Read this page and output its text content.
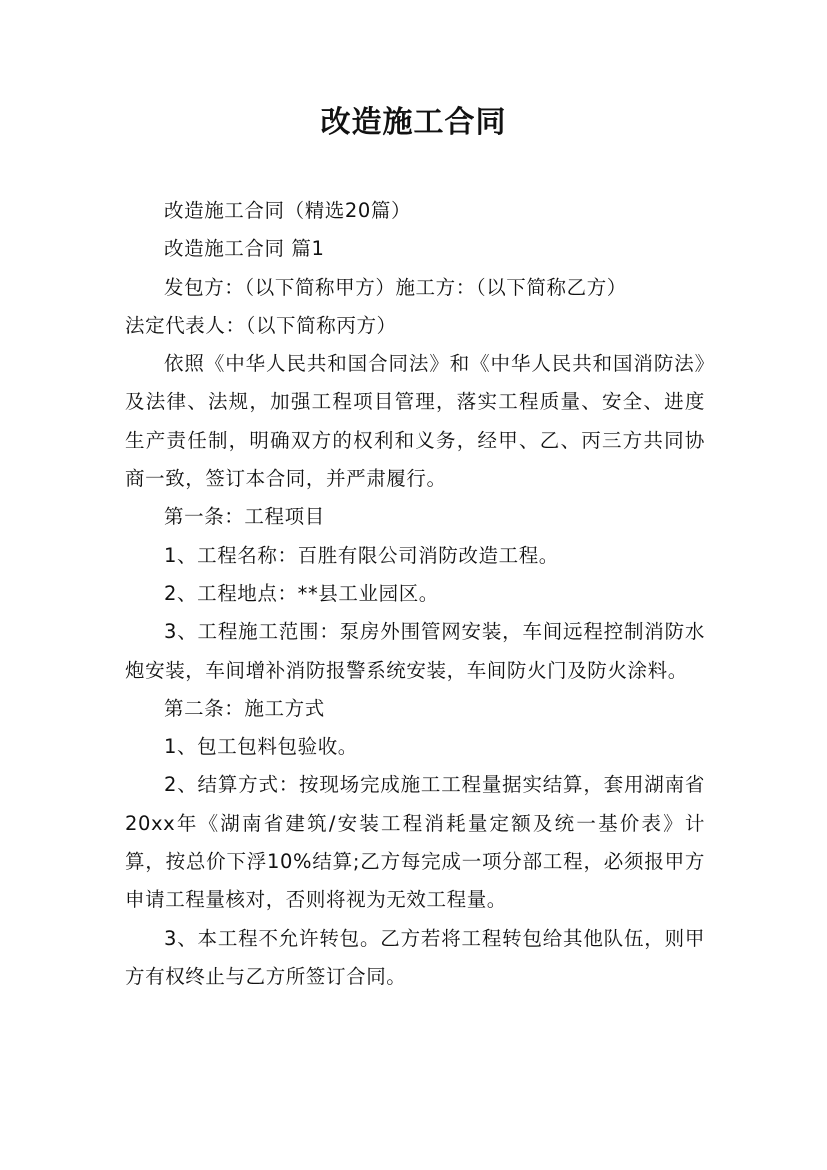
改造施工合同

改造施工合同（精选20篇）

改造施工合同 篇1

发包方：（以下简称甲方）施工方：（以下简称乙方）

法定代表人：（以下简称丙方）

依照《中华人民共和国合同法》和《中华人民共和国消防法》及法律、法规，加强工程项目管理，落实工程质量、安全、进度生产责任制，明确双方的权利和义务，经甲、乙、丙三方共同协商一致，签订本合同，并严肃履行。

第一条：工程项目

1、工程名称：百胜有限公司消防改造工程。

2、工程地点：**县工业园区。

3、工程施工范围：泵房外围管网安装，车间远程控制消防水炮安装，车间增补消防报警系统安装，车间防火门及防火涂料。

第二条：施工方式

1、包工包料包验收。

2、结算方式：按现场完成施工工程量据实结算，套用湖南省20xx年《湖南省建筑/安装工程消耗量定额及统一基价表》计算，按总价下浮10%结算;乙方每完成一项分部工程，必须报甲方申请工程量核对，否则将视为无效工程量。

3、本工程不允许转包。乙方若将工程转包给其他队伍，则甲方有权终止与乙方所签订合同。
